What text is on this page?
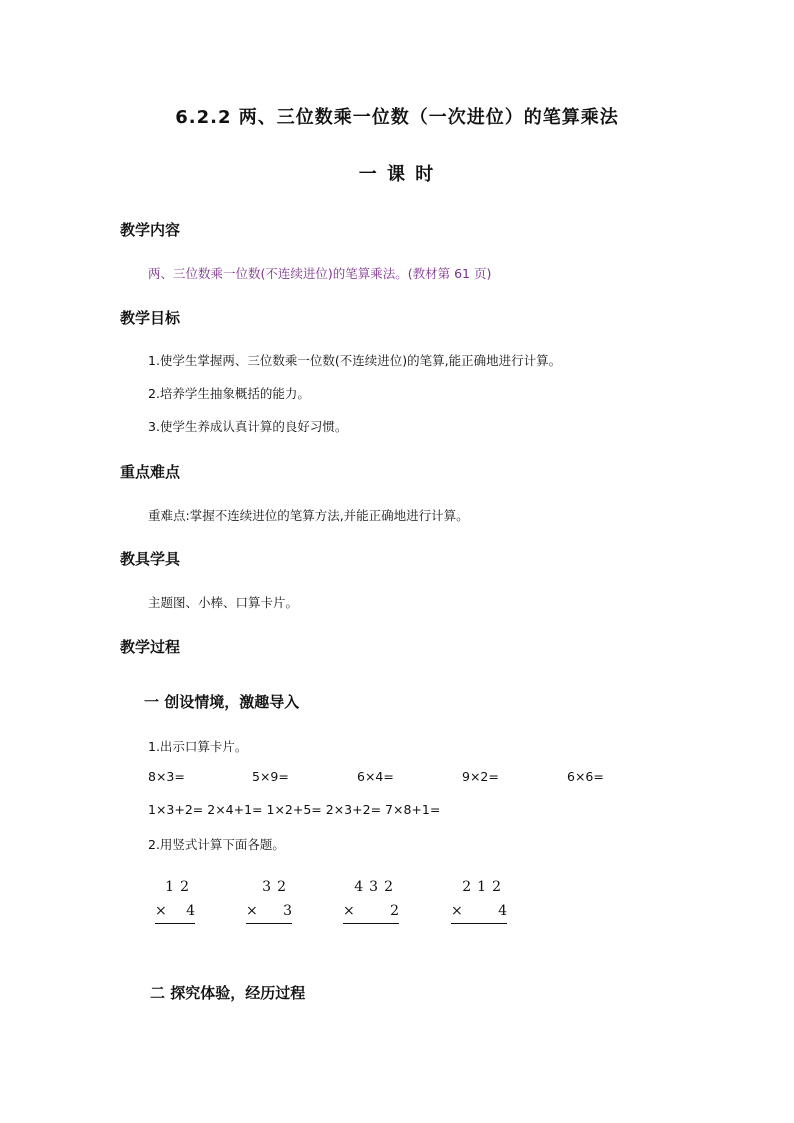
6.2.2 两、三位数乘一位数（一次进位）的笔算乘法
一 课 时
教学内容
两、三位数乘一位数(不连续进位)的笔算乘法。(教材第 61 页)
教学目标
1.使学生掌握两、三位数乘一位数(不连续进位)的笔算,能正确地进行计算。
2.培养学生抽象概括的能力。
3.使学生养成认真计算的良好习惯。
重点难点
重难点:掌握不连续进位的笔算方法,并能正确地进行计算。
教具学具
主题图、小棒、口算卡片。
教学过程
一 创设情境，激趣导入
1.出示口算卡片。
8×3=	5×9=	6×4=	9×2=	6×6=
1×3+2= 2×4+1= 1×2+5= 2×3+2= 7×8+1=
2.用竖式计算下面各题。
12
× 4
32
× 3
432
×	2
212
×	4
二 探究体验，经历过程
